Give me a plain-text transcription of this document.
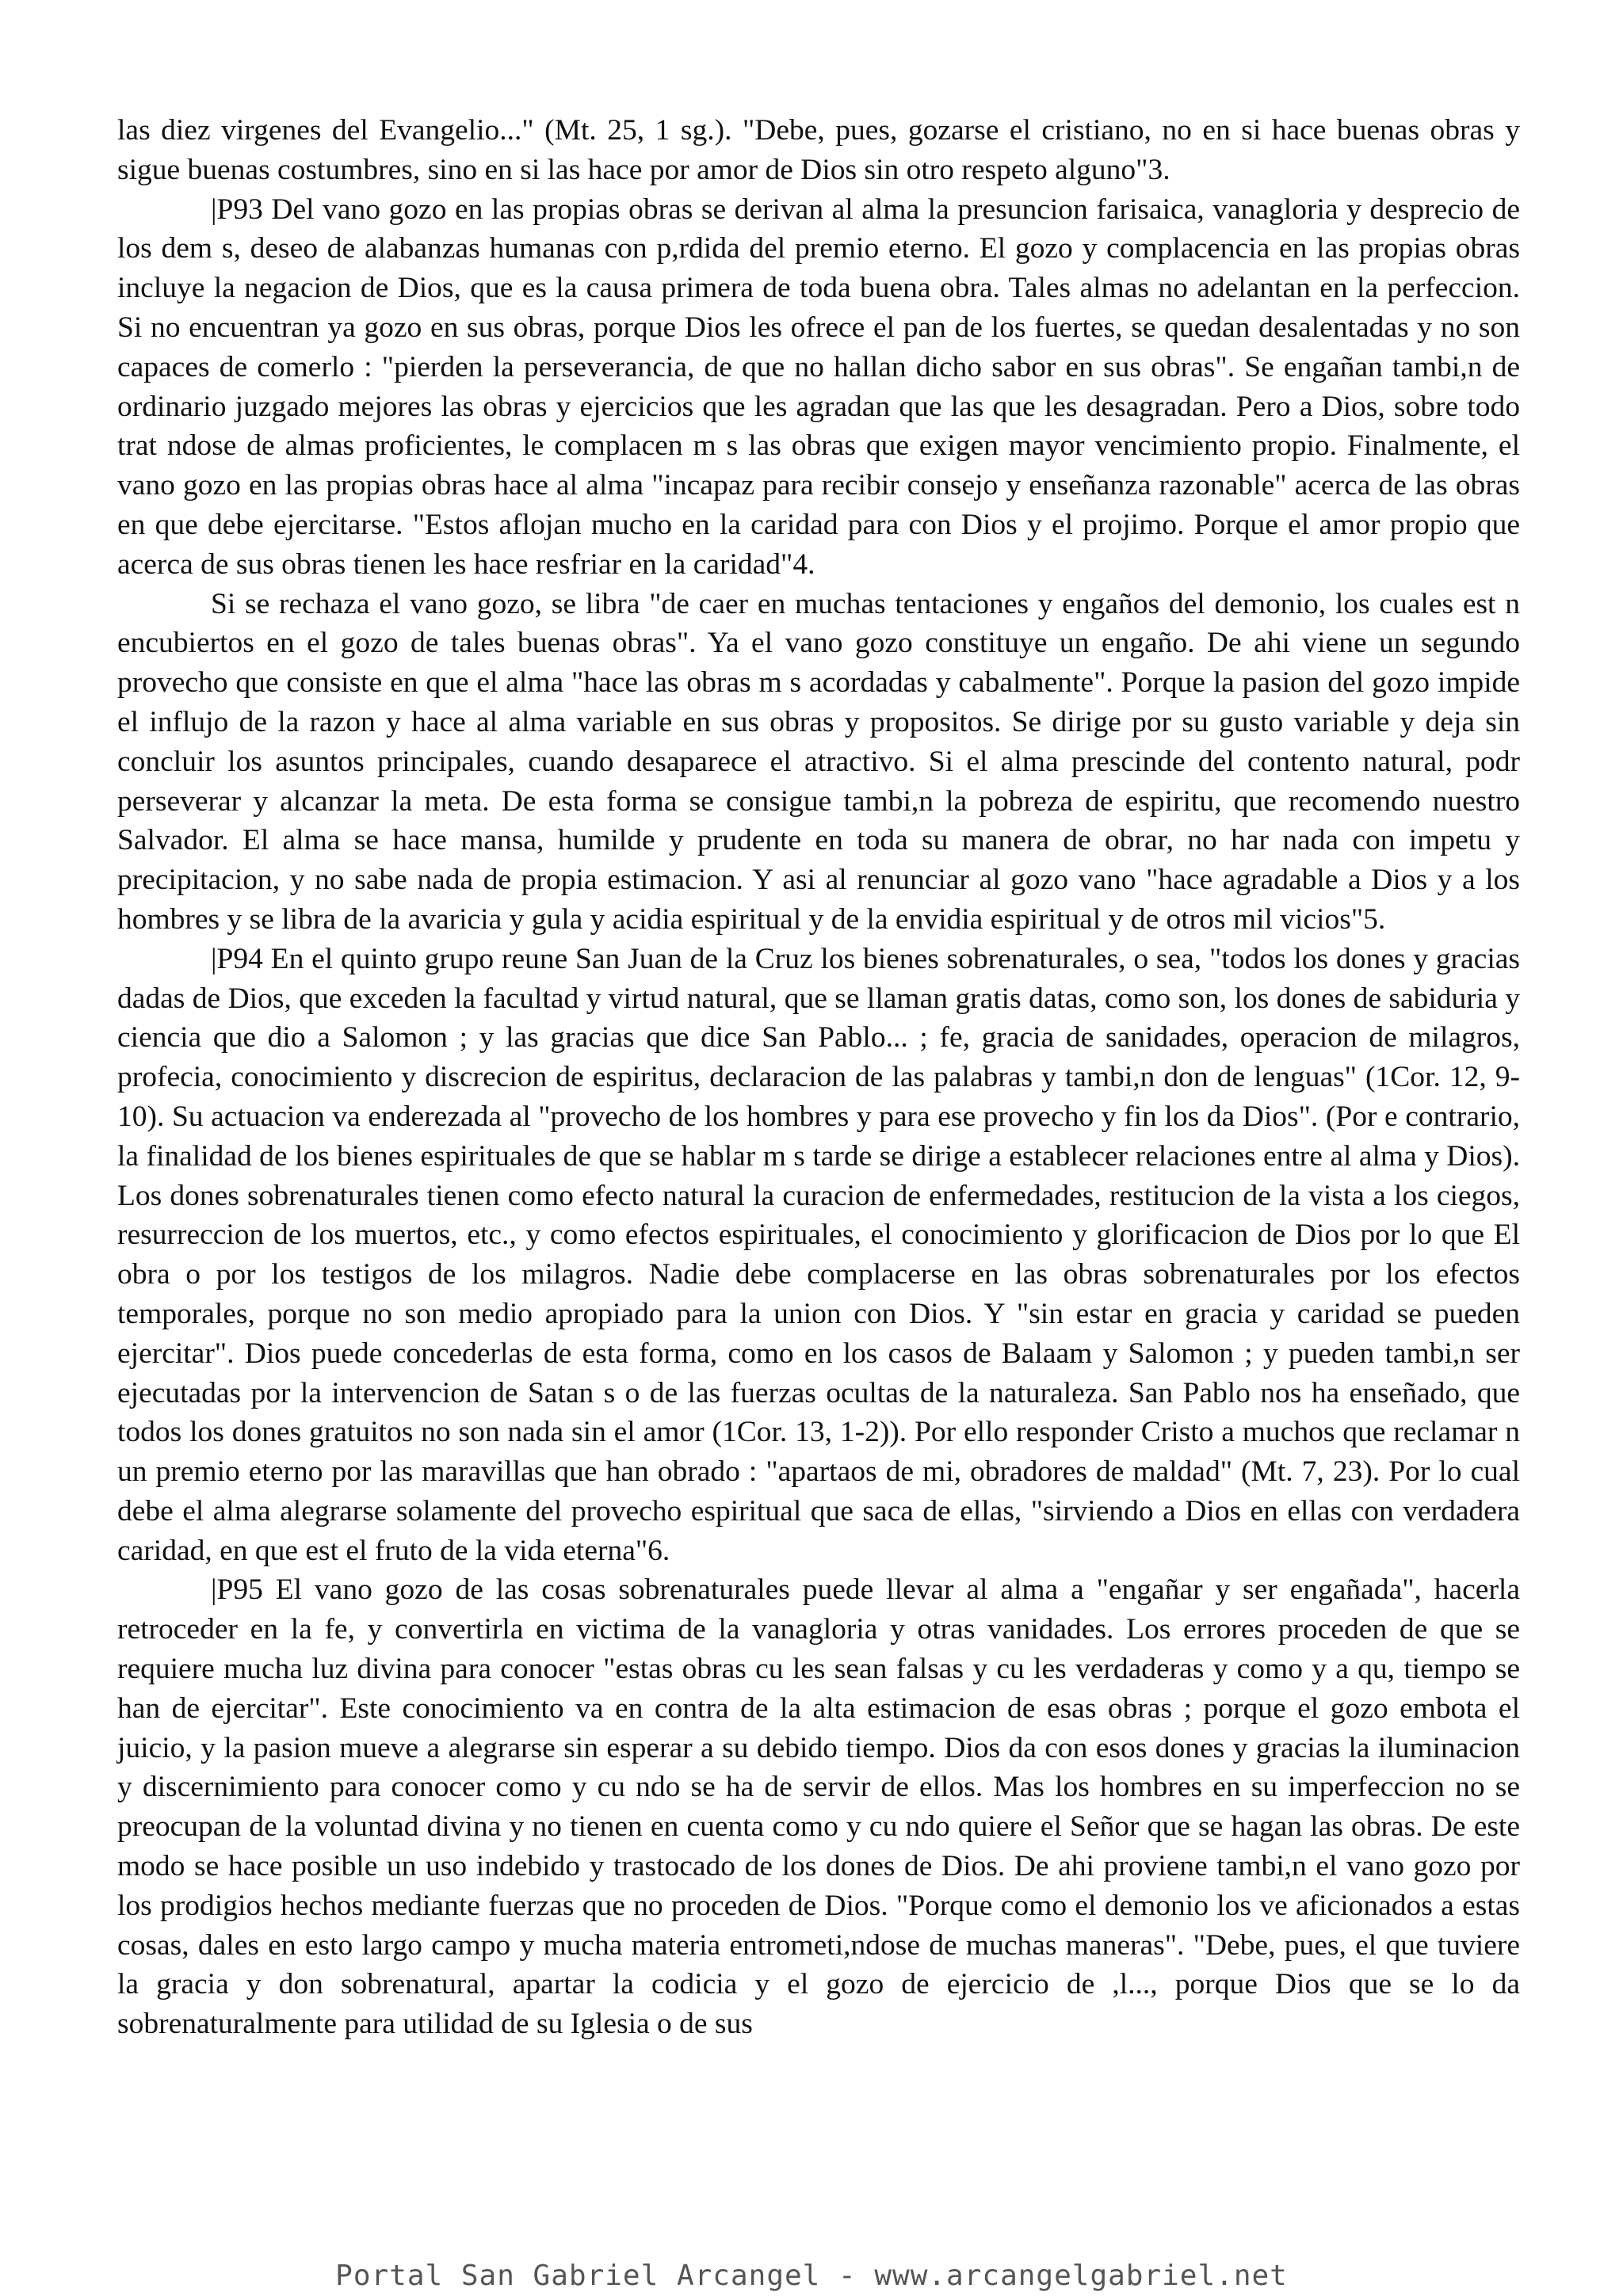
las diez virgenes del Evangelio..." (Mt. 25, 1 sg.). "Debe, pues, gozarse el cristiano, no en si hace buenas obras y sigue buenas costumbres, sino en si las hace por amor de Dios sin otro respeto alguno"3.

|P93 Del vano gozo en las propias obras se derivan al alma la presuncion farisaica, vanagloria y desprecio de los dem s, deseo de alabanzas humanas con p,rdida del premio eterno. El gozo y complacencia en las propias obras incluye la negacion de Dios, que es la causa primera de toda buena obra. Tales almas no adelantan en la perfeccion. Si no encuentran ya gozo en sus obras, porque Dios les ofrece el pan de los fuertes, se quedan desalentadas y no son capaces de comerlo : "pierden la perseverancia, de que no hallan dicho sabor en sus obras". Se engañan tambi,n de ordinario juzgado mejores las obras y ejercicios que les agradan que las que les desagradan. Pero a Dios, sobre todo trat ndose de almas proficientes, le complacen m s las obras que exigen mayor vencimiento propio. Finalmente, el vano gozo en las propias obras hace al alma "incapaz para recibir consejo y enseñanza razonable" acerca de las obras en que debe ejercitarse. "Estos aflojan mucho en la caridad para con Dios y el projimo. Porque el amor propio que acerca de sus obras tienen les hace resfriar en la caridad"4.

Si se rechaza el vano gozo, se libra "de caer en muchas tentaciones y engaños del demonio, los cuales est n encubiertos en el gozo de tales buenas obras". Ya el vano gozo constituye un engaño. De ahi viene un segundo provecho que consiste en que el alma "hace las obras m s acordadas y cabalmente". Porque la pasion del gozo impide el influjo de la razon y hace al alma variable en sus obras y propositos. Se dirige por su gusto variable y deja sin concluir los asuntos principales, cuando desaparece el atractivo. Si el alma prescinde del contento natural, podr perseverar y alcanzar la meta. De esta forma se consigue tambi,n la pobreza de espiritu, que recomendo nuestro Salvador. El alma se hace mansa, humilde y prudente en toda su manera de obrar, no har nada con impetu y precipitacion, y no sabe nada de propia estimacion. Y asi al renunciar al gozo vano "hace agradable a Dios y a los hombres y se libra de la avaricia y gula y acidia espiritual y de la envidia espiritual y de otros mil vicios"5.

|P94 En el quinto grupo reune San Juan de la Cruz los bienes sobrenaturales, o sea, "todos los dones y gracias dadas de Dios, que exceden la facultad y virtud natural, que se llaman gratis datas, como son, los dones de sabiduria y ciencia que dio a Salomon ; y las gracias que dice San Pablo... ; fe, gracia de sanidades, operacion de milagros, profecia, conocimiento y discrecion de espiritus, declaracion de las palabras y tambi,n don de lenguas" (1Cor. 12, 9-10). Su actuacion va enderezada al "provecho de los hombres y para ese provecho y fin los da Dios". (Por e contrario, la finalidad de los bienes espirituales de que se hablar m s tarde se dirige a establecer relaciones entre al alma y Dios). Los dones sobrenaturales tienen como efecto natural la curacion de enfermedades, restitucion de la vista a los ciegos, resurreccion de los muertos, etc., y como efectos espirituales, el conocimiento y glorificacion de Dios por lo que El obra o por los testigos de los milagros. Nadie debe complacerse en las obras sobrenaturales por los efectos temporales, porque no son medio apropiado para la union con Dios. Y "sin estar en gracia y caridad se pueden ejercitar". Dios puede concederlas de esta forma, como en los casos de Balaam y Salomon ; y pueden tambi,n ser ejecutadas por la intervencion de Satan s o de las fuerzas ocultas de la naturaleza. San Pablo nos ha enseñado, que todos los dones gratuitos no son nada sin el amor (1Cor. 13, 1-2)). Por ello responder Cristo a muchos que reclamar n un premio eterno por las maravillas que han obrado : "apartaos de mi, obradores de maldad" (Mt. 7, 23). Por lo cual debe el alma alegrarse solamente del provecho espiritual que saca de ellas, "sirviendo a Dios en ellas con verdadera caridad, en que est el fruto de la vida eterna"6.

|P95 El vano gozo de las cosas sobrenaturales puede llevar al alma a "engañar y ser engañada", hacerla retroceder en la fe, y convertirla en victima de la vanagloria y otras vanidades. Los errores proceden de que se requiere mucha luz divina para conocer "estas obras cu les sean falsas y cu les verdaderas y como y a qu, tiempo se han de ejercitar". Este conocimiento va en contra de la alta estimacion de esas obras ; porque el gozo embota el juicio, y la pasion mueve a alegrarse sin esperar a su debido tiempo. Dios da con esos dones y gracias la iluminacion y discernimiento para conocer como y cu ndo se ha de servir de ellos. Mas los hombres en su imperfeccion no se preocupan de la voluntad divina y no tienen en cuenta como y cu ndo quiere el Señor que se hagan las obras. De este modo se hace posible un uso indebido y trastocado de los dones de Dios. De ahi proviene tambi,n el vano gozo por los prodigios hechos mediante fuerzas que no proceden de Dios. "Porque como el demonio los ve aficionados a estas cosas, dales en esto largo campo y mucha materia entrometi,ndose de muchas maneras". "Debe, pues, el que tuviere la gracia y don sobrenatural, apartar la codicia y el gozo de ejercicio de ,l..., porque Dios que se lo da sobrenaturalmente para utilidad de su Iglesia o de sus

Portal San Gabriel Arcangel - www.arcangelgabriel.net
